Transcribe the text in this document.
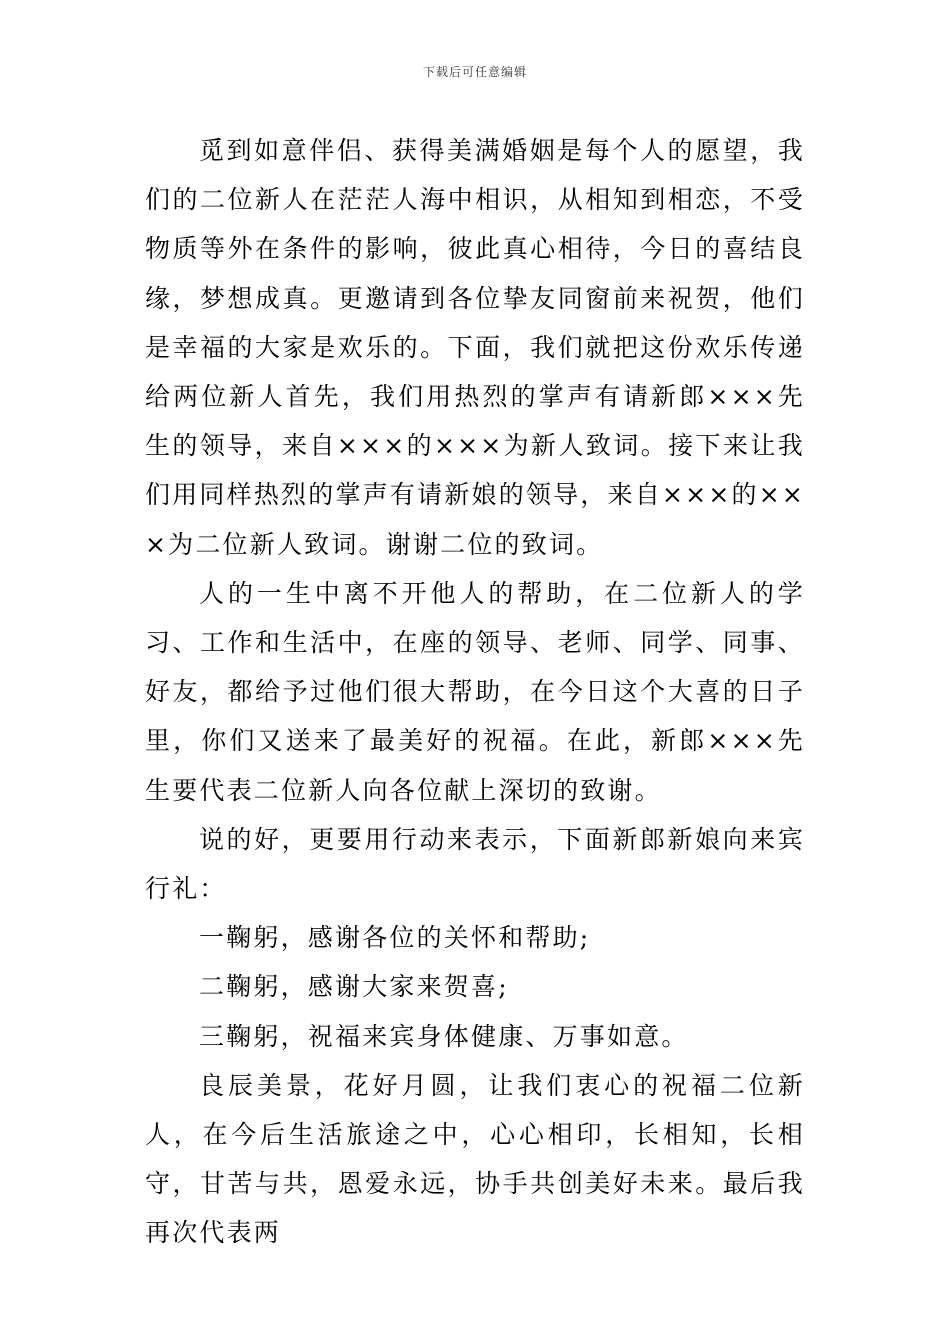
下载后可任意编辑

觅到如意伴侣、获得美满婚姻是每个人的愿望，我们的二位新人在茫茫人海中相识，从相知到相恋，不受物质等外在条件的影响，彼此真心相待，今日的喜结良缘，梦想成真。更邀请到各位挚友同窗前来祝贺，他们是幸福的大家是欢乐的。下面，我们就把这份欢乐传递给两位新人首先，我们用热烈的掌声有请新郎×××先生的领导，来自×××的×××为新人致词。接下来让我们用同样热烈的掌声有请新娘的领导，来自×××的×××为二位新人致词。谢谢二位的致词。

人的一生中离不开他人的帮助，在二位新人的学习、工作和生活中，在座的领导、老师、同学、同事、好友，都给予过他们很大帮助，在今日这个大喜的日子里，你们又送来了最美好的祝福。在此，新郎×××先生要代表二位新人向各位献上深切的致谢。

说的好，更要用行动来表示，下面新郎新娘向来宾行礼：

一鞠躬，感谢各位的关怀和帮助;

二鞠躬，感谢大家来贺喜;

三鞠躬，祝福来宾身体健康、万事如意。

良辰美景，花好月圆，让我们衷心的祝福二位新人，在今后生活旅途之中，心心相印，长相知，长相守，甘苦与共，恩爱永远，协手共创美好未来。最后我再次代表两
